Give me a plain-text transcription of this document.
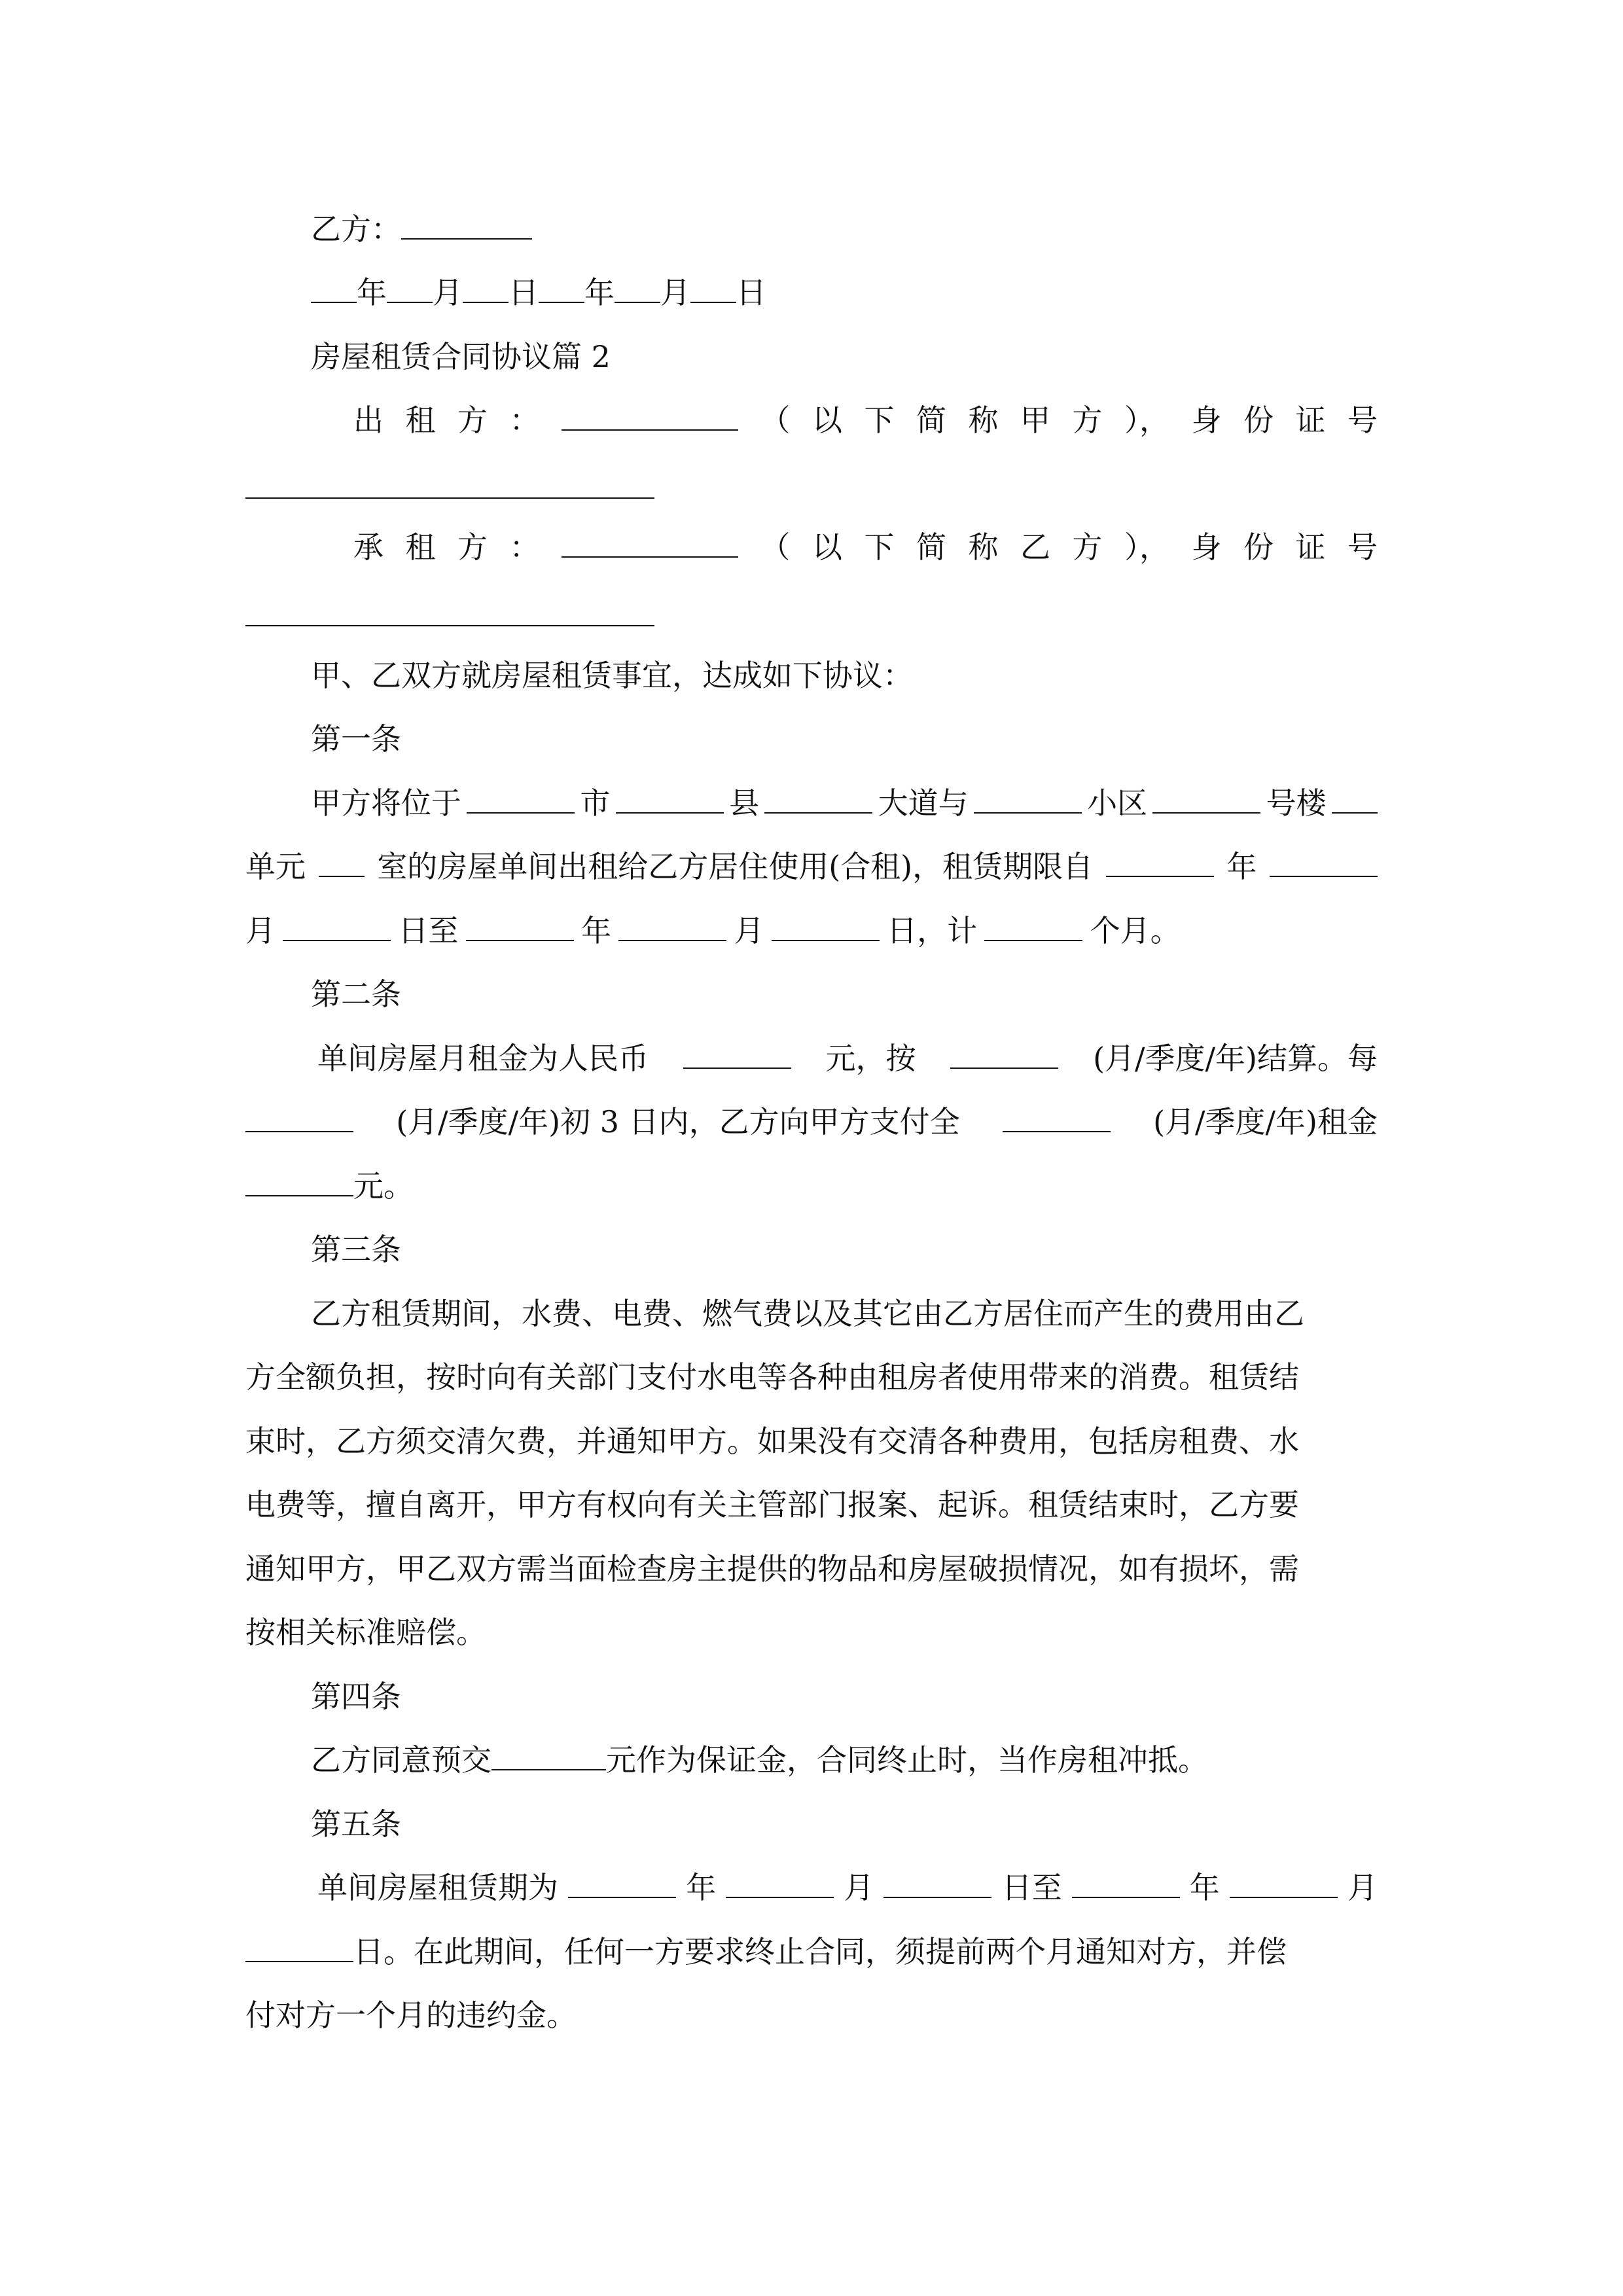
乙方：
年 月 日 年 月 日
房屋租赁合同协议篇 2
出 租 方 ：	（ 以 下 简 称 甲 方 ）， 身 份 证 号
承 租 方 ：	（ 以 下 简 称 乙 方 ）， 身 份 证 号
甲、乙双方就房屋租赁事宜，达成如下协议：
第一条
甲方将位于	市	县	大道与	小区	号楼
单元 室的房屋单间出租给乙方居住使用(合租)，租赁期限自	年
月	日至	年	月	日，计	个月。
第二条
单间房屋月租金为人民币	元，按	(月/季度/年)结算。每
(月/季度/年)初 3 日内，乙方向甲方支付全	(月/季度/年)租金
元。
第三条
乙方租赁期间，水费、电费、燃气费以及其它由乙方居住而产生的费用由乙
方全额负担，按时向有关部门支付水电等各种由租房者使用带来的消费。租赁结
束时，乙方须交清欠费，并通知甲方。如果没有交清各种费用，包括房租费、水
电费等，擅自离开，甲方有权向有关主管部门报案、起诉。租赁结束时，乙方要
通知甲方，甲乙双方需当面检查房主提供的物品和房屋破损情况，如有损坏，需
按相关标准赔偿。
第四条
乙方同意预交	元作为保证金，合同终止时，当作房租冲抵。
第五条
单间房屋租赁期为	年	月	日至	年	月
日。在此期间，任何一方要求终止合同，须提前两个月通知对方，并偿
付对方一个月的违约金。
